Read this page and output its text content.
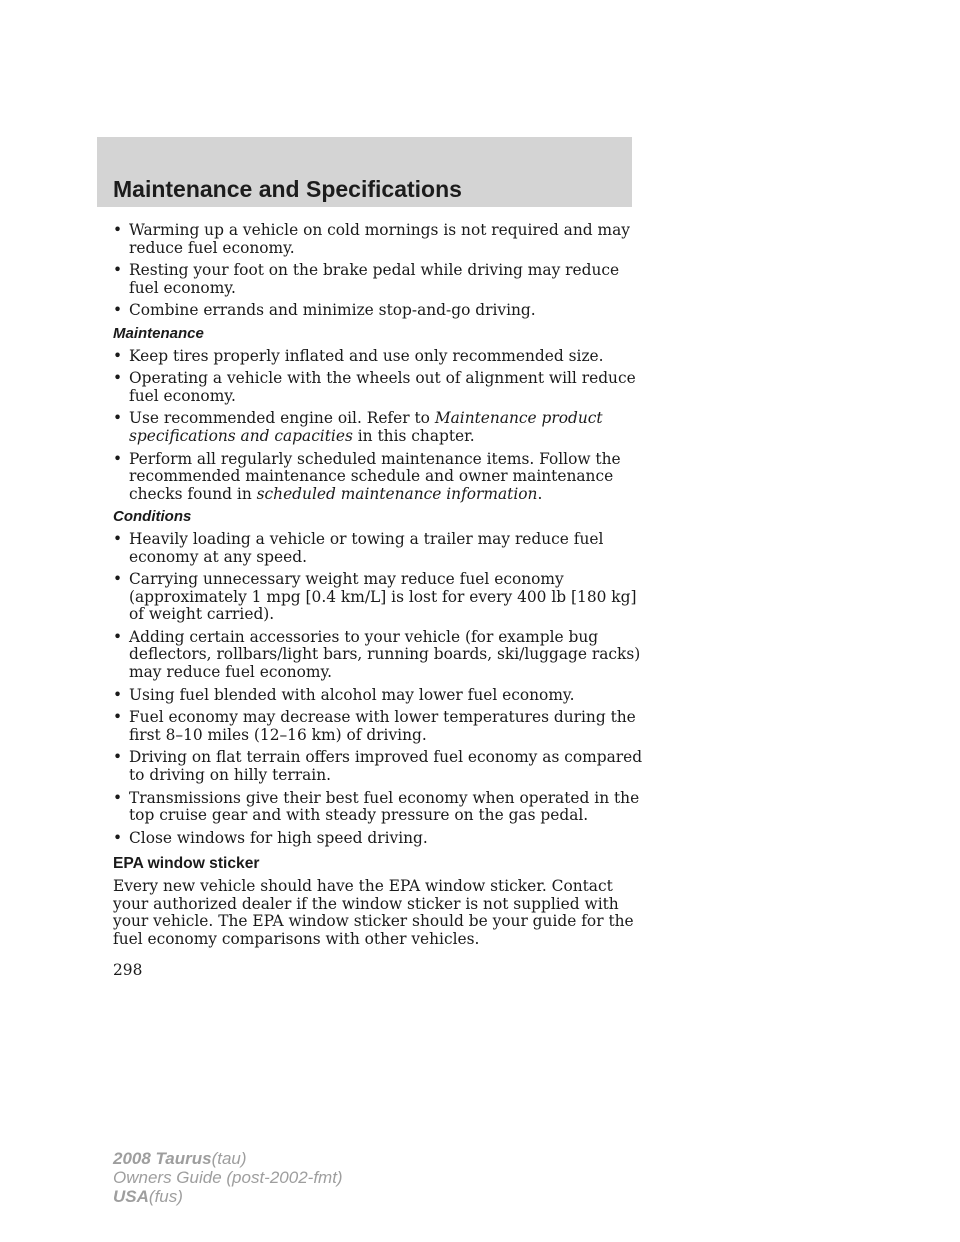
Maintenance and Specifications
• Warming up a vehicle on cold mornings is not required and may reduce fuel economy.
• Resting your foot on the brake pedal while driving may reduce fuel economy.
• Combine errands and minimize stop-and-go driving.
Maintenance
• Keep tires properly inflated and use only recommended size.
• Operating a vehicle with the wheels out of alignment will reduce fuel economy.
• Use recommended engine oil. Refer to Maintenance product specifications and capacities in this chapter.
• Perform all regularly scheduled maintenance items. Follow the recommended maintenance schedule and owner maintenance checks found in scheduled maintenance information.
Conditions
• Heavily loading a vehicle or towing a trailer may reduce fuel economy at any speed.
• Carrying unnecessary weight may reduce fuel economy (approximately 1 mpg [0.4 km/L] is lost for every 400 lb [180 kg] of weight carried).
• Adding certain accessories to your vehicle (for example bug deflectors, rollbars/light bars, running boards, ski/luggage racks) may reduce fuel economy.
• Using fuel blended with alcohol may lower fuel economy.
• Fuel economy may decrease with lower temperatures during the first 8–10 miles (12–16 km) of driving.
• Driving on flat terrain offers improved fuel economy as compared to driving on hilly terrain.
• Transmissions give their best fuel economy when operated in the top cruise gear and with steady pressure on the gas pedal.
• Close windows for high speed driving.
EPA window sticker
Every new vehicle should have the EPA window sticker. Contact your authorized dealer if the window sticker is not supplied with your vehicle. The EPA window sticker should be your guide for the fuel economy comparisons with other vehicles.
298
2008 Taurus(tau)
Owners Guide (post-2002-fmt)
USA(fus)
